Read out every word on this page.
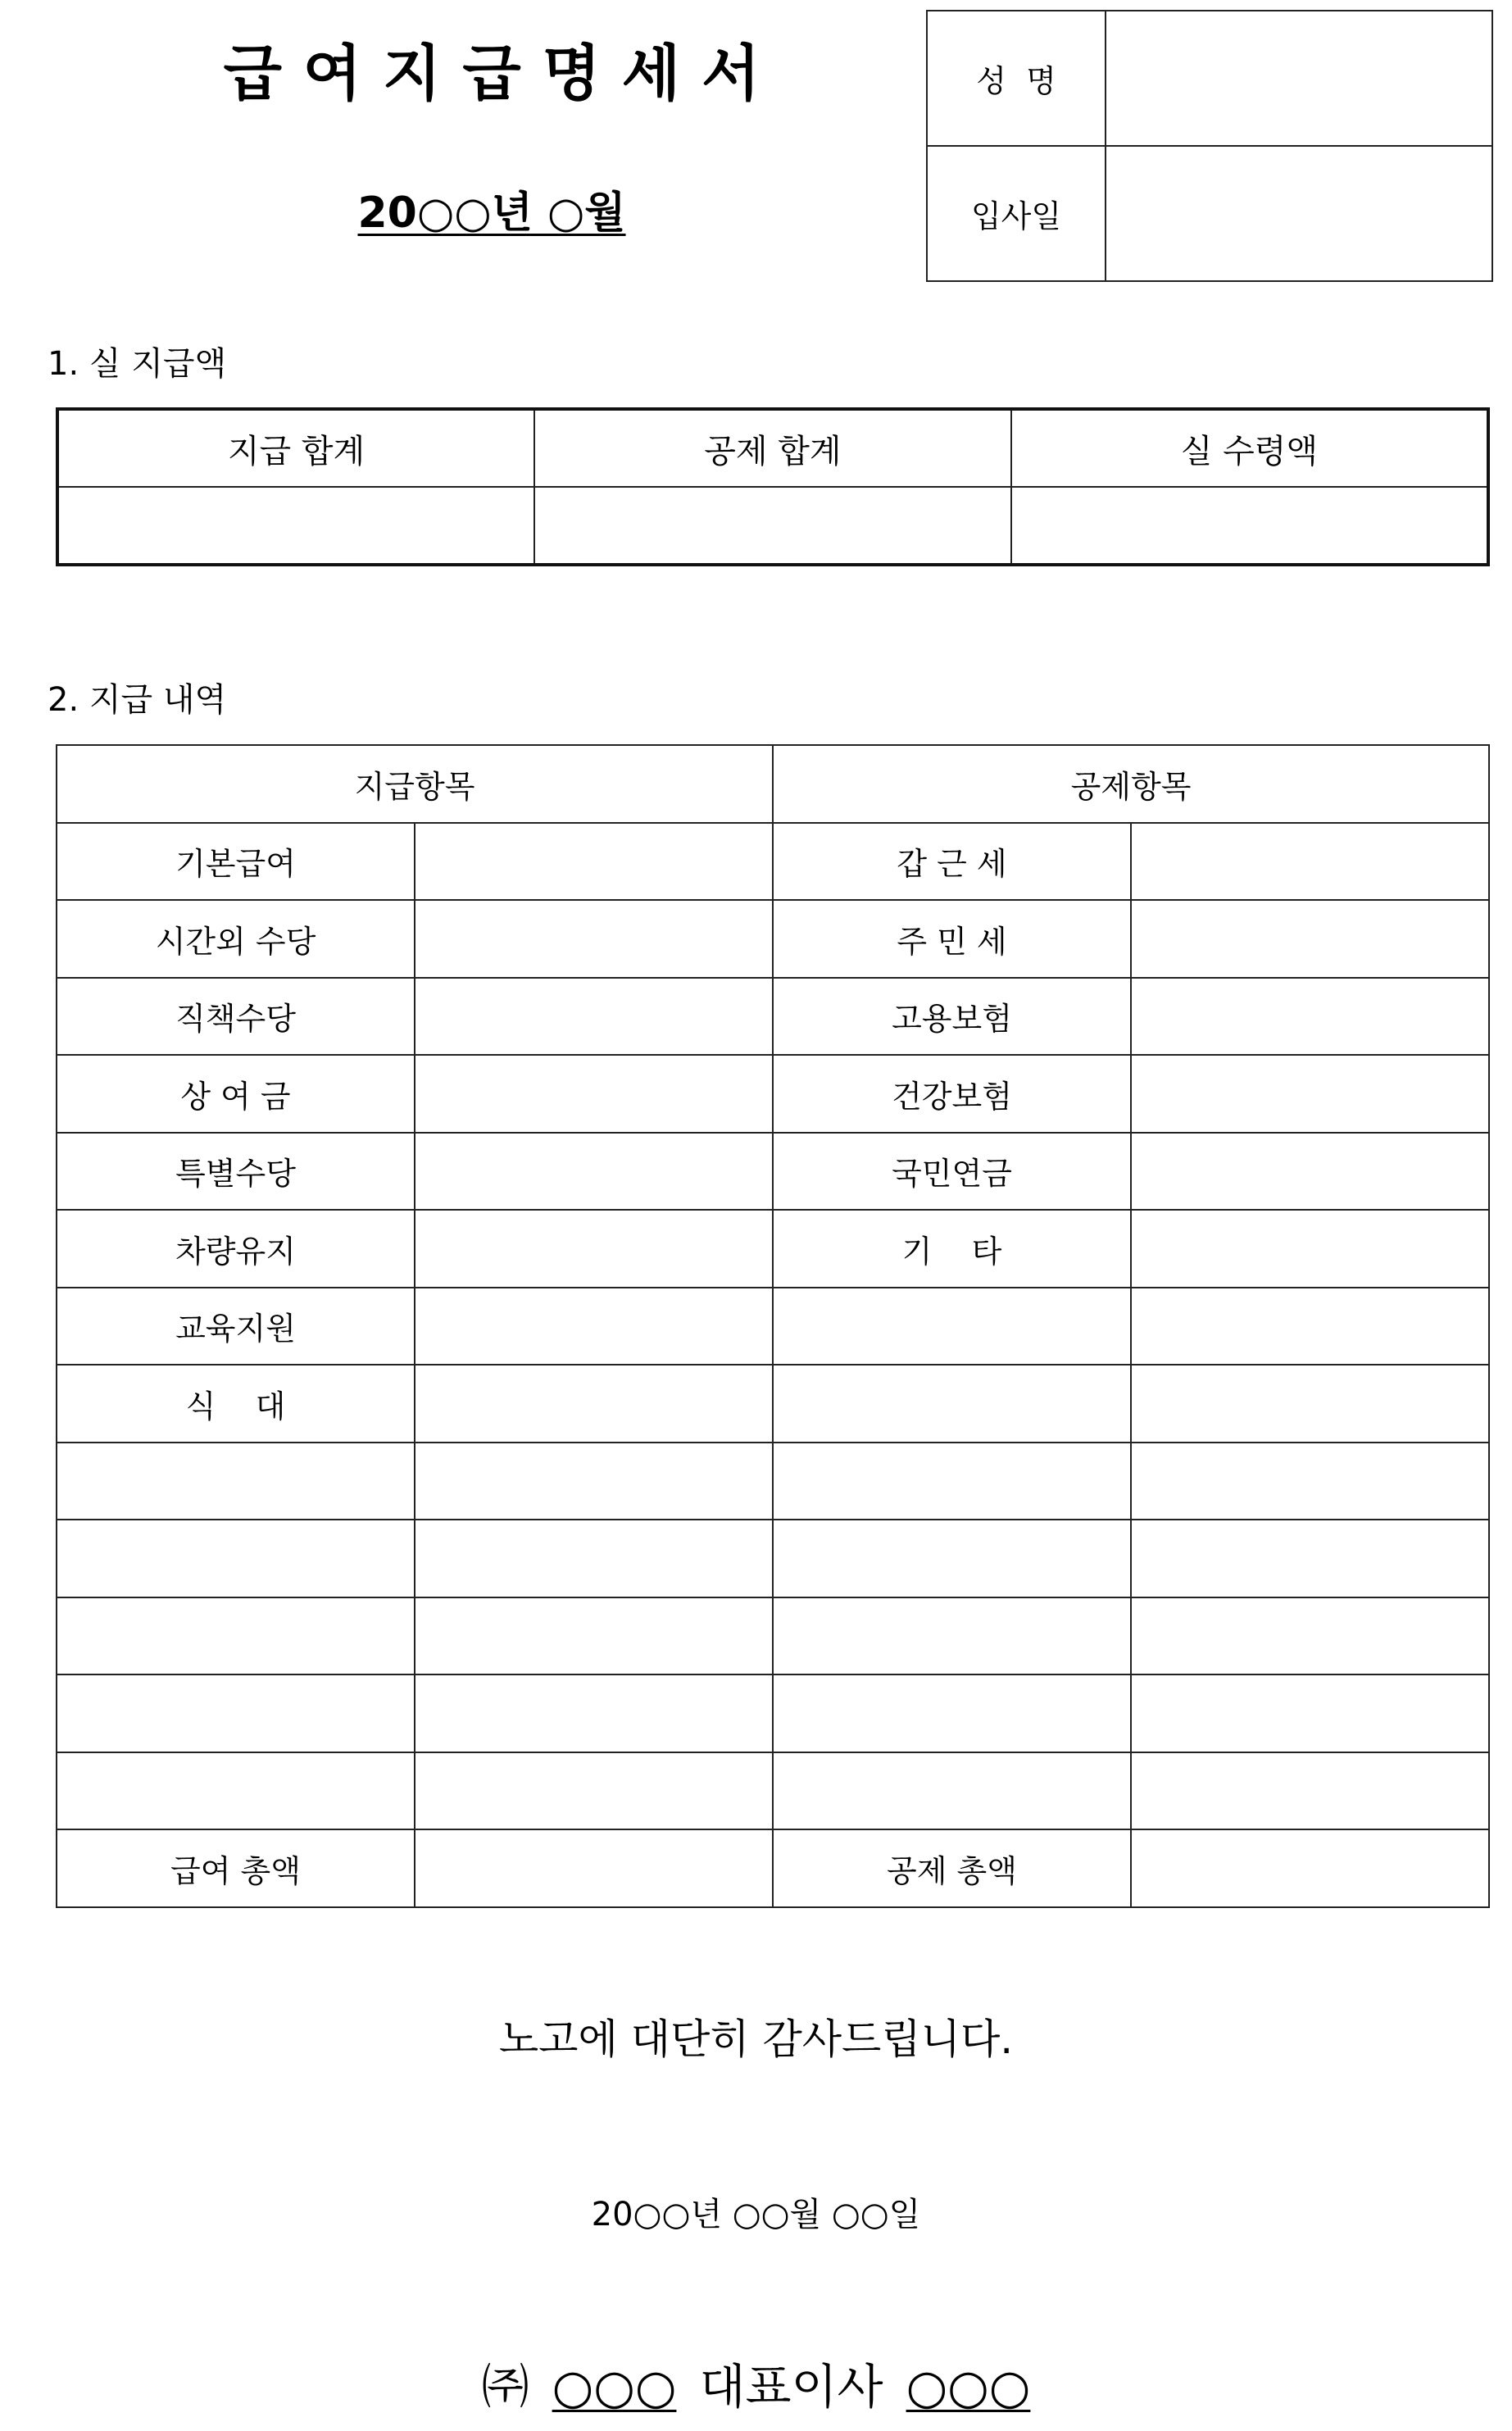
급 여 지 급 명 세 서
20○○년 ○월
성  명	
입사일	
1. 실 지급액
지급 합계	공제 합계	실 수령액

2. 지급 내역
지급항목		공제항목	
기본급여		갑 근 세	
시간외 수당		주 민 세	
직책수당		고용보험	
상 여 금		건강보험	
특별수당		국민연금	
차량유지		기    타	
교육지원			
식    대			

급여 총액		공제 총액	
노고에 대단히 감사드립니다.
20○○년 ○○월 ○○일
㈜ ○○○ 대표이사 ○○○
